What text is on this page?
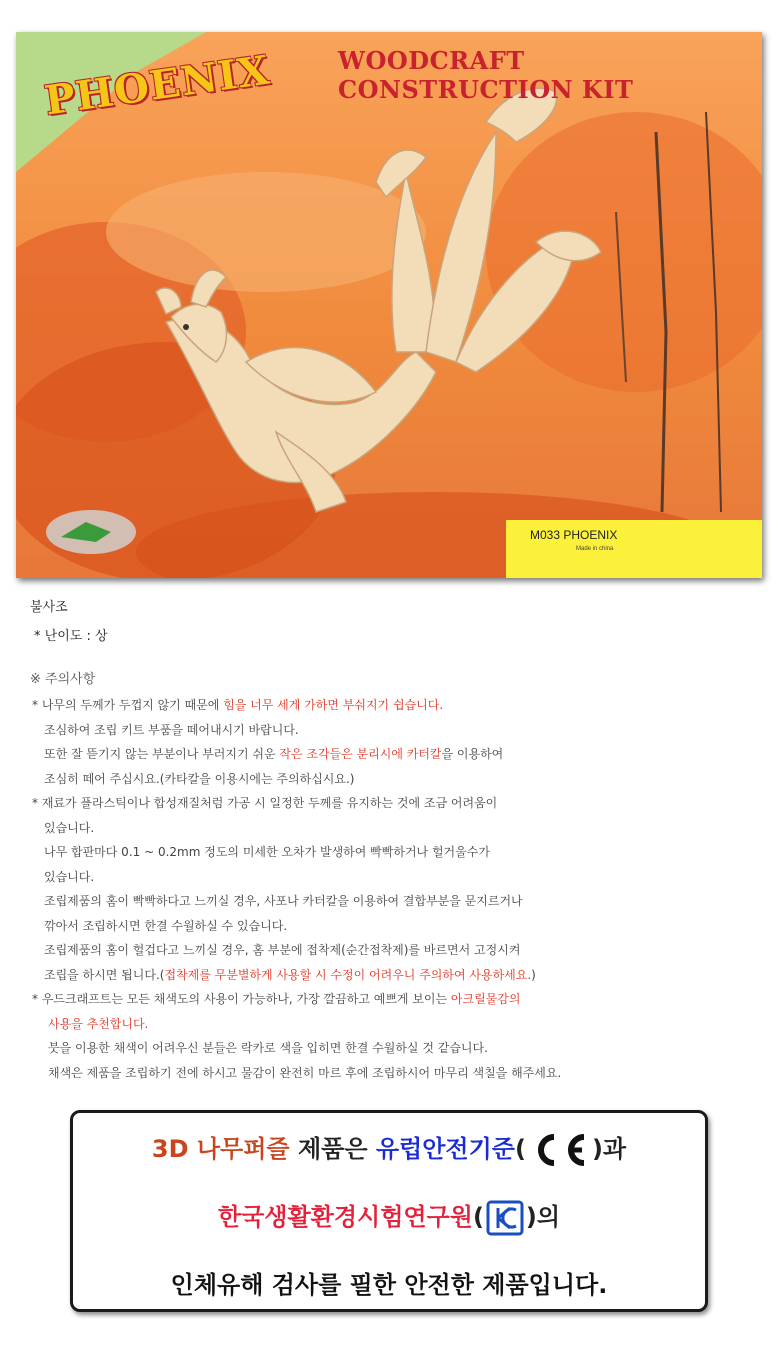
PHOENIX	WOODCRAFT CONSTRUCTION KIT
M033 PHOENIX
Made in china
불사조
* 난이도 : 상
※ 주의사항
* 나무의 두께가 두껍지 않기 때문에 힘을 너무 세게 가하면 부숴지기 쉽습니다.
조심하여 조립 키트 부품을 떼어내시기 바랍니다.
또한 잘 뜯기지 않는 부분이나 부러지기 쉬운 작은 조각들은 분리시에 카터칼을 이용하여
조심히 떼어 주십시요.(카타칼을 이용시에는 주의하십시요.)
* 재료가 플라스틱이나 합성재질처럼 가공 시 일정한 두께를 유지하는 것에 조금 어려움이
있습니다.
나무 합판마다 0.1 ~ 0.2mm 정도의 미세한 오차가 발생하여 빡빡하거나 헐거울수가
있습니다.
조립제품의 홈이 빡빡하다고 느끼실 경우, 사포나 카터칼을 이용하여 결합부분을 문지르거나
깎아서 조립하시면 한결 수월하실 수 있습니다.
조립제품의 홈이 헐겁다고 느끼실 경우, 홈 부분에 접착제(순간접착제)를 바르면서 고정시켜
조립을 하시면 됩니다.(접착제를 무분별하게 사용할 시 수정이 어려우니 주의하여 사용하세요.)
* 우드크래프트는 모든 채색도의 사용이 가능하나, 가장 깔끔하고 예쁘게 보이는 아크릴물감의
사용을 추천합니다.
붓을 이용한 채색이 어려우신 분들은 락카로 색을 입히면 한결 수월하실 것 같습니다.
채색은 제품을 조립하기 전에 하시고 물감이 완전히 마르 후에 조립하시어 마무리 색칠을 해주세요.
3D 나무퍼즐 제품은 유럽안전기준(	)과
한국생활환경시험연구원( )의
인체유해 검사를 필한 안전한 제품입니다.
